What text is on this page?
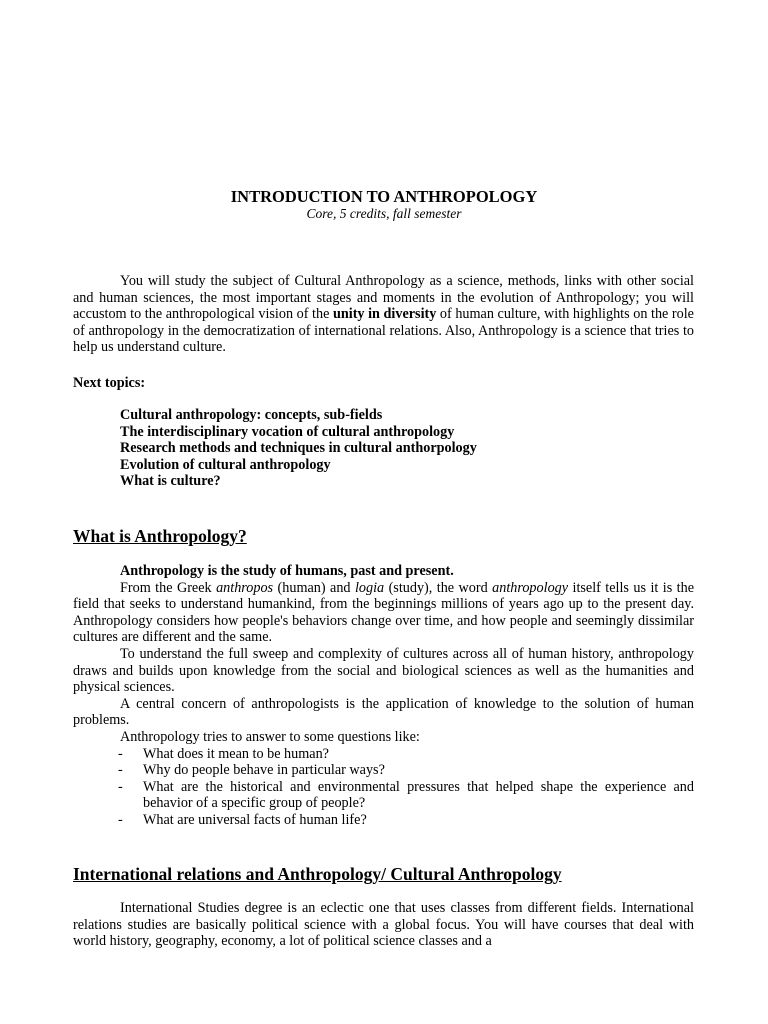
INTRODUCTION TO ANTHROPOLOGY
Core, 5 credits, fall semester

You will study the subject of Cultural Anthropology as a science, methods, links with other social and human sciences, the most important stages and moments in the evolution of Anthropology; you will accustom to the anthropological vision of the unity in diversity of human culture, with highlights on the role of anthropology in the democratization of international relations. Also, Anthropology is a science that tries to help us understand culture.

Next topics:
Cultural anthropology: concepts, sub-fields
The interdisciplinary vocation of cultural anthropology
Research methods and techniques in cultural anthorpology
Evolution of cultural anthropology
What is culture?
What is Anthropology?

Anthropology is the study of humans, past and present.

From the Greek anthropos (human) and logia (study), the word anthropology itself tells us it is the field that seeks to understand humankind, from the beginnings millions of years ago up to the present day. Anthropology considers how people's behaviors change over time, and how people and seemingly dissimilar cultures are different and the same.

To understand the full sweep and complexity of cultures across all of human history, anthropology draws and builds upon knowledge from the social and biological sciences as well as the humanities and physical sciences.

A central concern of anthropologists is the application of knowledge to the solution of human problems.

Anthropology tries to answer to some questions like:

- What does it mean to be human?
- Why do people behave in particular ways?
- What are the historical and environmental pressures that helped shape the experience and behavior of a specific group of people?
- What are universal facts of human life?
International relations and Anthropology/ Cultural Anthropology

International Studies degree is an eclectic one that uses classes from different fields. International relations studies are basically political science with a global focus. You will have courses that deal with world history, geography, economy, a lot of political science classes and a
